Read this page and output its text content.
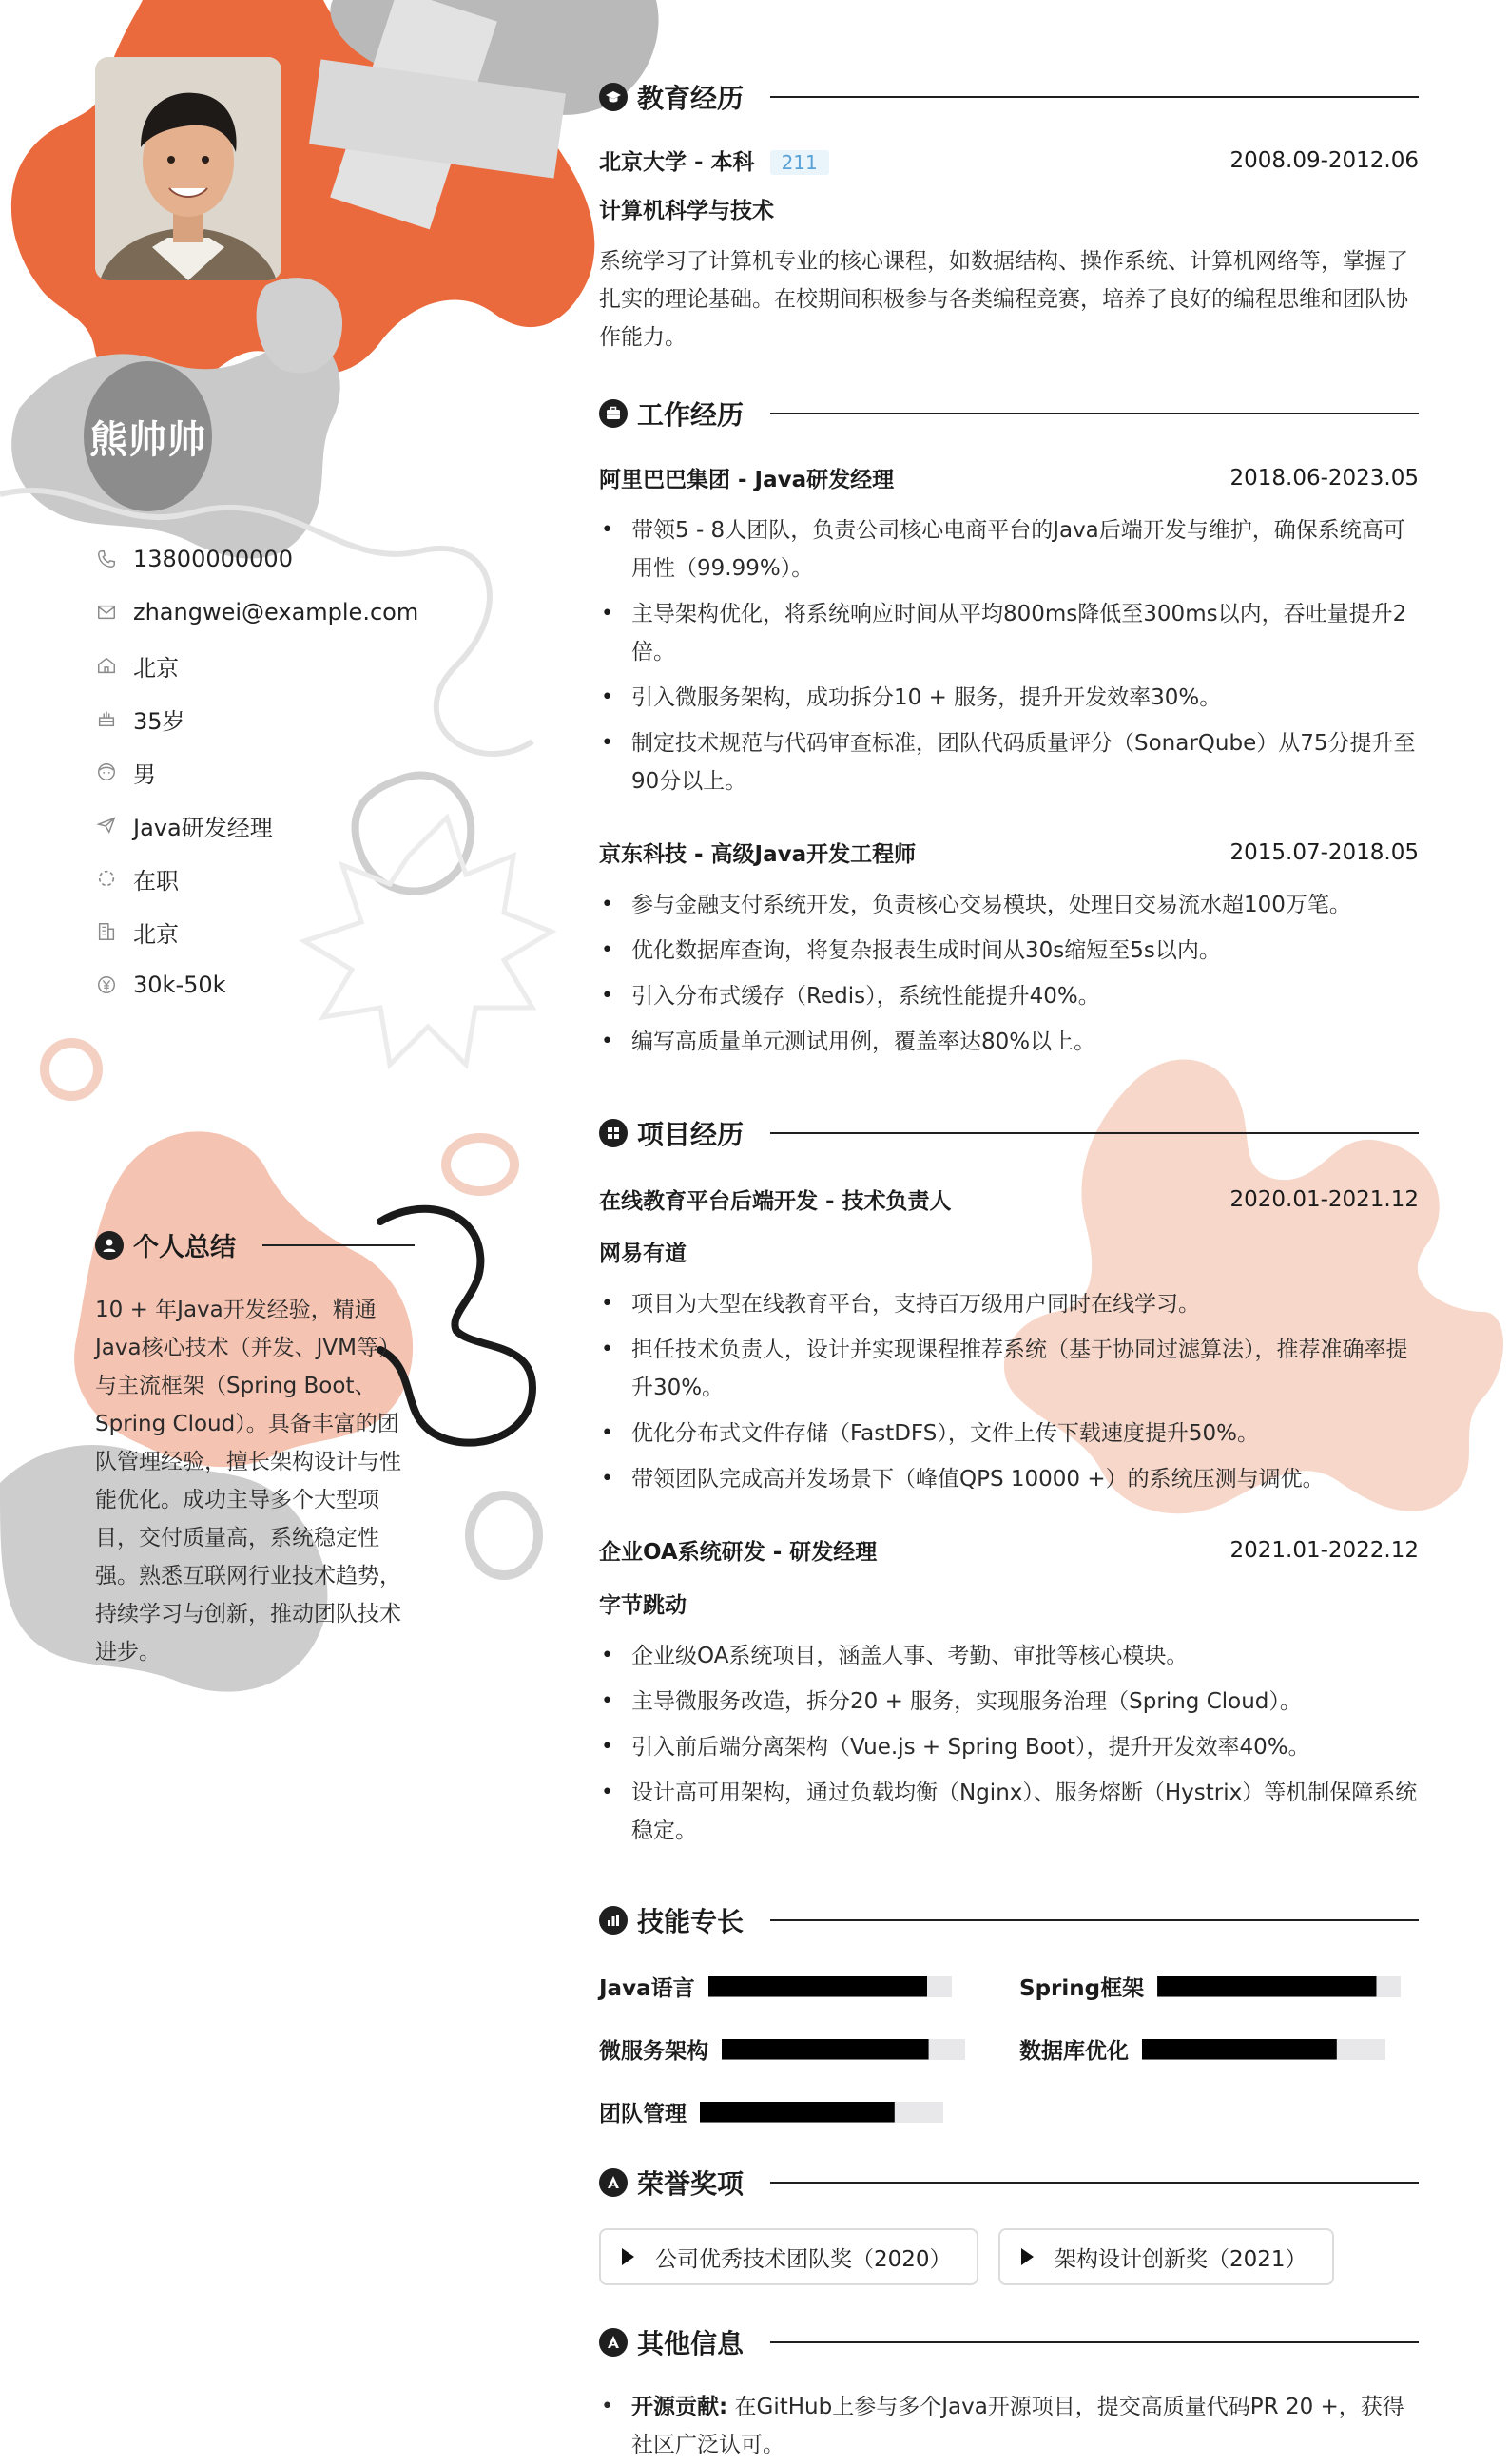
熊帅帅
13800000000
zhangwei@example.com
北京
35岁
男
Java研发经理
在职
北京
30k-50k
个人总结
10 + 年Java开发经验，精通Java核心技术（并发、JVM等）与主流框架（Spring Boot、Spring Cloud）。具备丰富的团队管理经验，擅长架构设计与性能优化。成功主导多个大型项目，交付质量高，系统稳定性强。熟悉互联网行业技术趋势，持续学习与创新，推动团队技术进步。
教育经历
北京大学 - 本科 211	2008.09-2012.06
计算机科学与技术
系统学习了计算机专业的核心课程，如数据结构、操作系统、计算机网络等，掌握了扎实的理论基础。在校期间积极参与各类编程竞赛，培养了良好的编程思维和团队协作能力。
工作经历
阿里巴巴集团 - Java研发经理	2018.06-2023.05
• 带领5 - 8人团队，负责公司核心电商平台的Java后端开发与维护，确保系统高可用性（99.99%）。
• 主导架构优化，将系统响应时间从平均800ms降低至300ms以内，吞吐量提升2倍。
• 引入微服务架构，成功拆分10 + 服务，提升开发效率30%。
• 制定技术规范与代码审查标准，团队代码质量评分（SonarQube）从75分提升至90分以上。
京东科技 - 高级Java开发工程师	2015.07-2018.05
• 参与金融支付系统开发，负责核心交易模块，处理日交易流水超100万笔。
• 优化数据库查询，将复杂报表生成时间从30s缩短至5s以内。
• 引入分布式缓存（Redis），系统性能提升40%。
• 编写高质量单元测试用例，覆盖率达80%以上。
项目经历
在线教育平台后端开发 - 技术负责人	2020.01-2021.12
网易有道
• 项目为大型在线教育平台，支持百万级用户同时在线学习。
• 担任技术负责人，设计并实现课程推荐系统（基于协同过滤算法），推荐准确率提升30%。
• 优化分布式文件存储（FastDFS），文件上传下载速度提升50%。
• 带领团队完成高并发场景下（峰值QPS 10000 +）的系统压测与调优。
企业OA系统研发 - 研发经理	2021.01-2022.12
字节跳动
• 企业级OA系统项目，涵盖人事、考勤、审批等核心模块。
• 主导微服务改造，拆分20 + 服务，实现服务治理（Spring Cloud）。
• 引入前后端分离架构（Vue.js + Spring Boot），提升开发效率40%。
• 设计高可用架构，通过负载均衡（Nginx）、服务熔断（Hystrix）等机制保障系统稳定。
技能专长
Java语言	Spring框架
微服务架构	数据库优化
团队管理
荣誉奖项
公司优秀技术团队奖（2020）	架构设计创新奖（2021）
其他信息
• 开源贡献: 在GitHub上参与多个Java开源项目，提交高质量代码PR 20 +，获得社区广泛认可。
